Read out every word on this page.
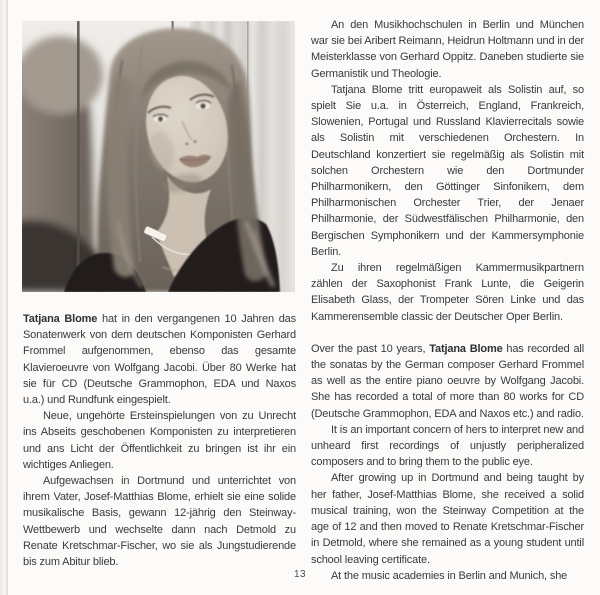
Tatjana Blome hat in den vergangenen 10 Jahren das Sonatenwerk von dem deutschen Komponisten Gerhard Frommel aufgenommen, ebenso das gesamte Klavieroeuvre von Wolfgang Jacobi. Über 80 Werke hat sie für CD (Deutsche Grammophon, EDA und Naxos u.a.) und Rundfunk eingespielt.

Neue, ungehörte Ersteinspielungen von zu Unrecht ins Abseits geschobenen Komponisten zu interpretieren und ans Licht der Öffentlichkeit zu bringen ist ihr ein wichtiges Anliegen.

Aufgewachsen in Dortmund und unterrichtet von ihrem Vater, Josef-Matthias Blome, erhielt sie eine solide musikalische Basis, gewann 12-jährig den Steinway-Wettbewerb und wechselte dann nach Detmold zu Renate Kretschmar-Fischer, wo sie als Jungstudierende bis zum Abitur blieb.

An den Musikhochschulen in Berlin und München war sie bei Aribert Reimann, Heidrun Holtmann und in der Meisterklasse von Gerhard Oppitz. Daneben studierte sie Germanistik und Theologie.

Tatjana Blome tritt europaweit als Solistin auf, so spielt Sie u.a. in Österreich, England, Frankreich, Slowenien, Portugal und Russland Klavierrecitals sowie als Solistin mit verschiedenen Orchestern. In Deutschland konzertiert sie regelmäßig als Solistin mit solchen Orchestern wie den Dortmunder Philharmonikern, den Göttinger Sinfonikern, dem Philharmonischen Orchester Trier, der Jenaer Philharmonie, der Südwestfälischen Philharmonie, den Bergischen Symphonikern und der Kammersymphonie Berlin.

Zu ihren regelmäßigen Kammermusikpartnern zählen der Saxophonist Frank Lunte, die Geigerin Elisabeth Glass, der Trompeter Sören Linke und das Kammerensemble classic der Deutscher Oper Berlin.

Over the past 10 years, Tatjana Blome has recorded all the sonatas by the German composer Gerhard Frommel as well as the entire piano oeuvre by Wolfgang Jacobi. She has recorded a total of more than 80 works for CD (Deutsche Grammophon, EDA and Naxos etc.) and radio.

It is an important concern of hers to interpret new and unheard first recordings of unjustly peripheralized composers and to bring them to the public eye.

After growing up in Dortmund and being taught by her father, Josef-Matthias Blome, she received a solid musical training, won the Steinway Competition at the age of 12 and then moved to Renate Kretschmar-Fischer in Detmold, where she remained as a young student until school leaving certificate.

At the music academies in Berlin and Munich, she

13
